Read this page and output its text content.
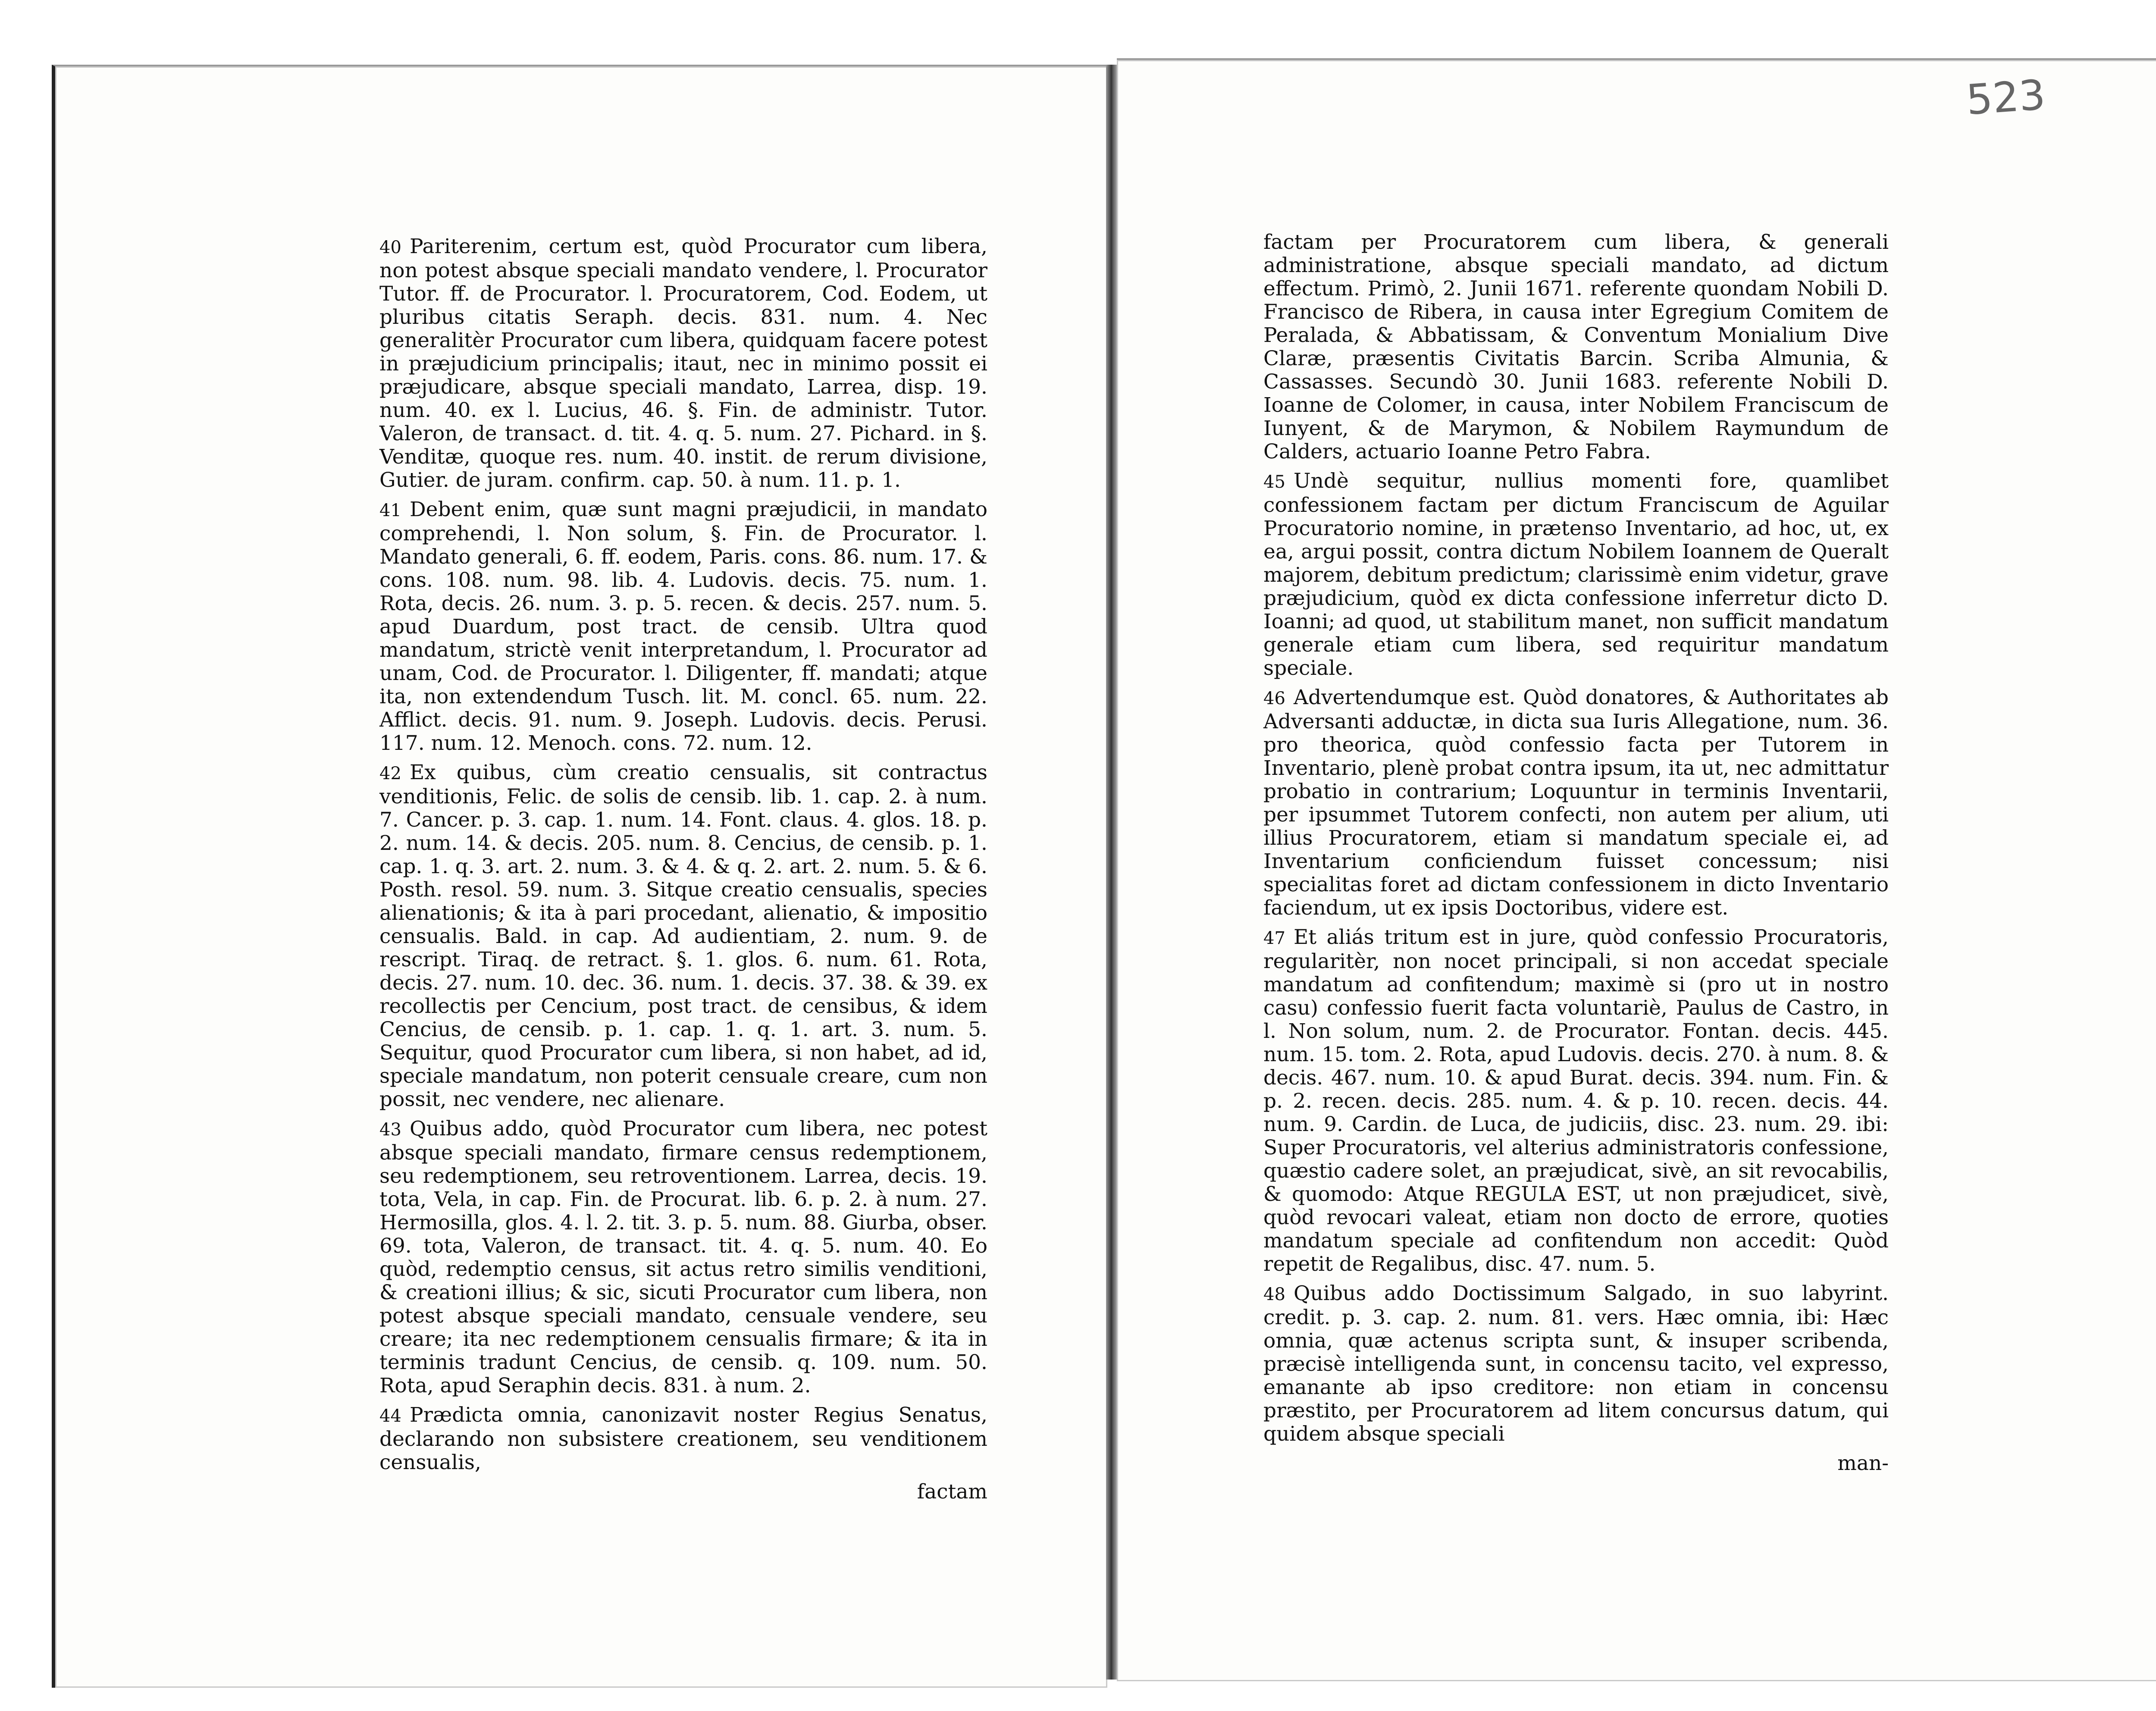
523

40 Pariterenim, certum est, quòd Procurator cum libera, non potest absque speciali mandato vendere, l. Procurator Tutor. ff. de Procurator. l. Procuratorem, Cod. Eodem, ut pluribus citatis Seraph. decis. 831. num. 4. Nec generalitèr Procurator cum libera, quidquam facere potest in præjudicium principalis; itaut, nec in minimo possit ei præjudicare, absque speciali mandato, Larrea, disp. 19. num. 40. ex l. Lucius, 46. §. Fin. de administr. Tutor. Valeron, de transact. d. tit. 4. q. 5. num. 27. Pichard. in §. Venditæ, quoque res. num. 40. instit. de rerum divisione, Gutier. de juram. confirm. cap. 50. à num. 11. p. 1.

41 Debent enim, quæ sunt magni præjudicii, in mandato comprehendi, l. Non solum, §. Fin. de Procurator. l. Mandato generali, 6. ff. eodem, Paris. cons. 86. num. 17. & cons. 108. num. 98. lib. 4. Ludovis. decis. 75. num. 1. Rota, decis. 26. num. 3. p. 5. recen. & decis. 257. num. 5. apud Duardum, post tract. de censib. Ultra quod mandatum, strictè venit interpretandum, l. Procurator ad unam, Cod. de Procurator. l. Diligenter, ff. mandati; atque ita, non extendendum Tusch. lit. M. concl. 65. num. 22. Afflict. decis. 91. num. 9. Joseph. Ludovis. decis. Perusi. 117. num. 12. Menoch. cons. 72. num. 12.

42 Ex quibus, cùm creatio censualis, sit contractus venditionis, Felic. de solis de censib. lib. 1. cap. 2. à num. 7. Cancer. p. 3. cap. 1. num. 14. Font. claus. 4. glos. 18. p. 2. num. 14. & decis. 205. num. 8. Cencius, de censib. p. 1. cap. 1. q. 3. art. 2. num. 3. & 4. & q. 2. art. 2. num. 5. & 6. Posth. resol. 59. num. 3. Sitque creatio censualis, species alienationis; & ita à pari procedant, alienatio, & impositio censualis. Bald. in cap. Ad audientiam, 2. num. 9. de rescript. Tiraq. de retract. §. 1. glos. 6. num. 61. Rota, decis. 27. num. 10. dec. 36. num. 1. decis. 37. 38. & 39. ex recollectis per Cencium, post tract. de censibus, & idem Cencius, de censib. p. 1. cap. 1. q. 1. art. 3. num. 5. Sequitur, quod Procurator cum libera, si non habet, ad id, speciale mandatum, non poterit censuale creare, cum non possit, nec vendere, nec alienare.

43 Quibus addo, quòd Procurator cum libera, nec potest absque speciali mandato, firmare census redemptionem, seu redemptionem, seu retroventionem. Larrea, decis. 19. tota, Vela, in cap. Fin. de Procurat. lib. 6. p. 2. à num. 27. Hermosilla, glos. 4. l. 2. tit. 3. p. 5. num. 88. Giurba, obser. 69. tota, Valeron, de transact. tit. 4. q. 5. num. 40. Eo quòd, redemptio census, sit actus retro similis venditioni, & creationi illius; & sic, sicuti Procurator cum libera, non potest absque speciali mandato, censuale vendere, seu creare; ita nec redemptionem censualis firmare; & ita in terminis tradunt Cencius, de censib. q. 109. num. 50. Rota, apud Seraphin decis. 831. à num. 2.

44 Prædicta omnia, canonizavit noster Regius Senatus, declarando non subsistere creationem, seu venditionem censualis,

factam

factam per Procuratorem cum libera, & generali administratione, absque speciali mandato, ad dictum effectum. Primò, 2. Junii 1671. referente quondam Nobili D. Francisco de Ribera, in causa inter Egregium Comitem de Peralada, & Abbatissam, & Conventum Monialium Dive Claræ, præsentis Civitatis Barcin. Scriba Almunia, & Cassasses. Secundò 30. Junii 1683. referente Nobili D. Ioanne de Colomer, in causa, inter Nobilem Franciscum de Iunyent, & de Marymon, & Nobilem Raymundum de Calders, actuario Ioanne Petro Fabra.

45 Undè sequitur, nullius momenti fore, quamlibet confessionem factam per dictum Franciscum de Aguilar Procuratorio nomine, in prætenso Inventario, ad hoc, ut, ex ea, argui possit, contra dictum Nobilem Ioannem de Queralt majorem, debitum predictum; clarissimè enim videtur, grave præjudicium, quòd ex dicta confessione inferretur dicto D. Ioanni; ad quod, ut stabilitum manet, non sufficit mandatum generale etiam cum libera, sed requiritur mandatum speciale.

46 Advertendumque est. Quòd donatores, & Authoritates ab Adversanti adductæ, in dicta sua Iuris Allegatione, num. 36. pro theorica, quòd confessio facta per Tutorem in Inventario, plenè probat contra ipsum, ita ut, nec admittatur probatio in contrarium; Loquuntur in terminis Inventarii, per ipsummet Tutorem confecti, non autem per alium, uti illius Procuratorem, etiam si mandatum speciale ei, ad Inventarium conficiendum fuisset concessum; nisi specialitas foret ad dictam confessionem in dicto Inventario faciendum, ut ex ipsis Doctoribus, videre est.

47 Et aliás tritum est in jure, quòd confessio Procuratoris, regularitèr, non nocet principali, si non accedat speciale mandatum ad confitendum; maximè si (pro ut in nostro casu) confessio fuerit facta voluntariè, Paulus de Castro, in l. Non solum, num. 2. de Procurator. Fontan. decis. 445. num. 15. tom. 2. Rota, apud Ludovis. decis. 270. à num. 8. & decis. 467. num. 10. & apud Burat. decis. 394. num. Fin. & p. 2. recen. decis. 285. num. 4. & p. 10. recen. decis. 44. num. 9. Cardin. de Luca, de judiciis, disc. 23. num. 29. ibi: Super Procuratoris, vel alterius administratoris confessione, quæstio cadere solet, an præjudicat, sivè, an sit revocabilis, & quomodo: Atque REGULA EST, ut non præjudicet, sivè, quòd revocari valeat, etiam non docto de errore, quoties mandatum speciale ad confitendum non accedit: Quòd repetit de Regalibus, disc. 47. num. 5.

48 Quibus addo Doctissimum Salgado, in suo labyrint. credit. p. 3. cap. 2. num. 81. vers. Hæc omnia, ibi: Hæc omnia, quæ actenus scripta sunt, & insuper scribenda, præcisè intelligenda sunt, in concensu tacito, vel expresso, emanante ab ipso creditore: non etiam in concensu præstito, per Procuratorem ad litem concursus datum, qui quidem absque speciali

man-
